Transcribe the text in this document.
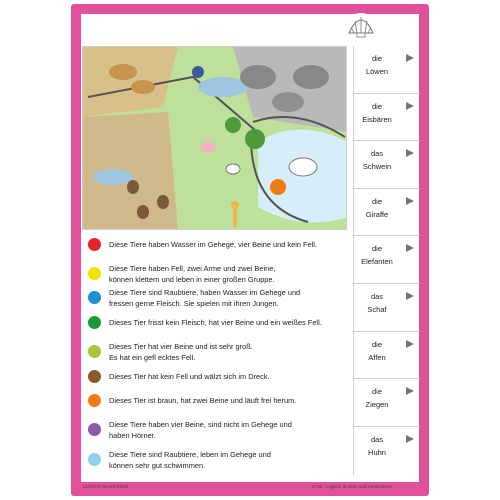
Welche Tiere sind gemeint?	5
Diese Tiere haben Wasser im Gehege, vier Beine und kein Fell.
Diese Tiere haben Fell, zwei Arme und zwei Beine,
können klettern und leben in einer großen Gruppe.
Diese Tiere sind Raubtiere, haben Wasser im Gehege und
fressen gerne Fleisch. Sie spielen mit ihren Jungen.
Dieses Tier frisst kein Fleisch, hat vier Beine und ein weißes Fell.
Dieses Tier hat vier Beine und ist sehr groß.
Es hat ein gefl ecktes Fell.
Dieses Tier hat kein Fell und wälzt sich im Dreck.
Dieses Tier ist braun, hat zwei Beine und läuft frei herum.
Diese Tiere haben vier Beine, sind nicht im Gehege und
haben Hörner.
Diese Tiere sind Raubtiere, leben im Gehege und
können sehr gut schwimmen.
die
Löwen
die
Eisbären
das
Schwein
die
Giraffe
die
Elefanten
das
Schaf
die
Affen
die
Ziegen
das
Huhn
LOGICO-Set MAXIMO	3736 · Logisch denken und kombinieren
